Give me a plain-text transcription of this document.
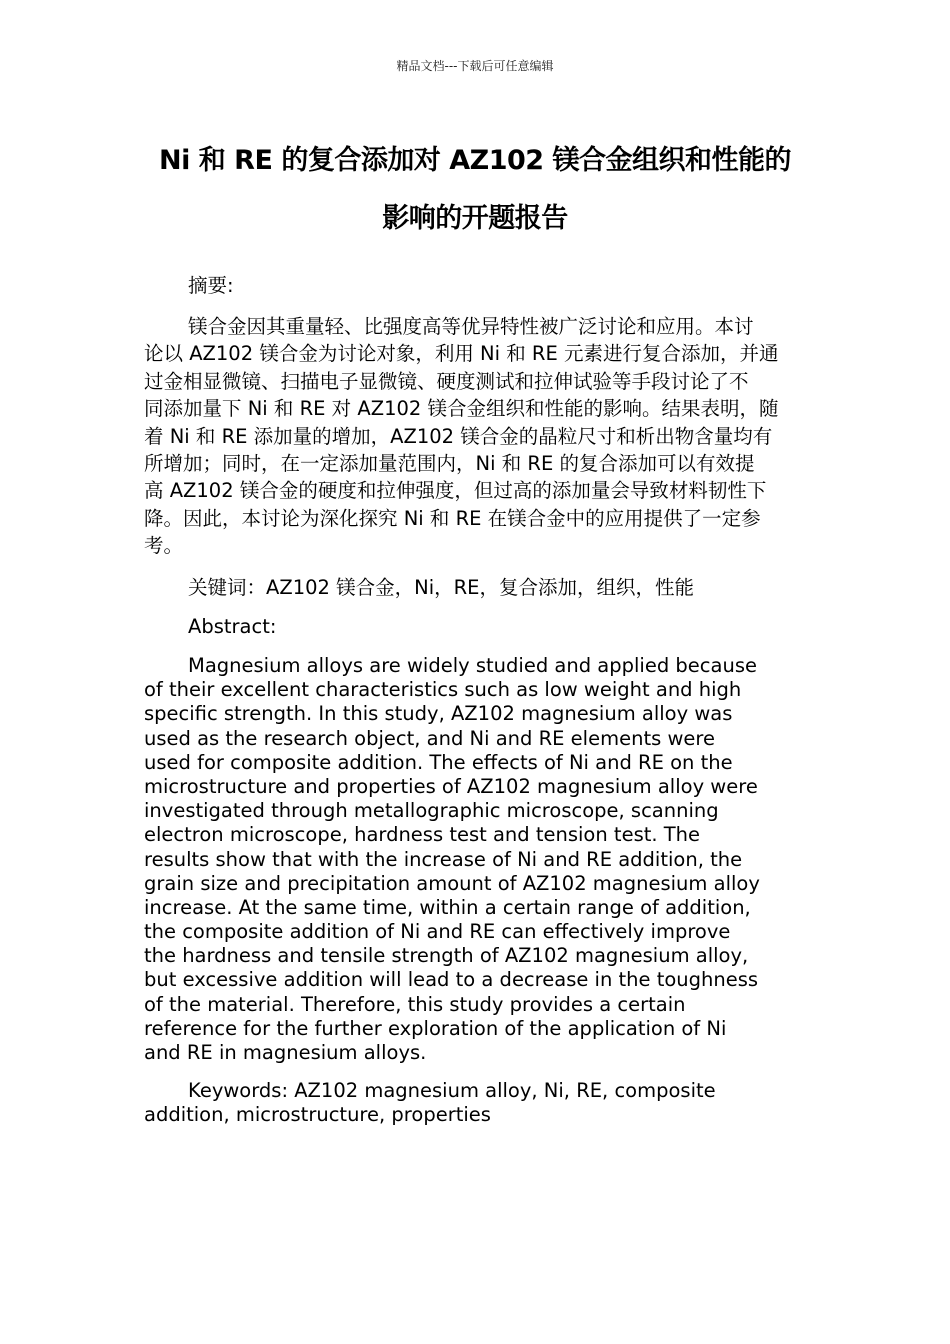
精品文档---下载后可任意编辑
Ni 和 RE 的复合添加对 AZ102 镁合金组织和性能的
影响的开题报告
摘要:
镁合金因其重量轻、比强度高等优异特性被广泛讨论和应用。本讨
论以 AZ102 镁合金为讨论对象，利用 Ni 和 RE 元素进行复合添加，并通
过金相显微镜、扫描电子显微镜、硬度测试和拉伸试验等手段讨论了不
同添加量下 Ni 和 RE 对 AZ102 镁合金组织和性能的影响。结果表明，随
着 Ni 和 RE 添加量的增加，AZ102 镁合金的晶粒尺寸和析出物含量均有
所增加；同时，在一定添加量范围内，Ni 和 RE 的复合添加可以有效提
高 AZ102 镁合金的硬度和拉伸强度，但过高的添加量会导致材料韧性下
降。因此，本讨论为深化探究 Ni 和 RE 在镁合金中的应用提供了一定参
考。
关键词：AZ102 镁合金，Ni，RE，复合添加，组织，性能
Abstract:
Magnesium alloys are widely studied and applied because
of their excellent characteristics such as low weight and high
specific strength. In this study, AZ102 magnesium alloy was
used as the research object, and Ni and RE elements were
used for composite addition. The effects of Ni and RE on the
microstructure and properties of AZ102 magnesium alloy were
investigated through metallographic microscope, scanning
electron microscope, hardness test and tension test. The
results show that with the increase of Ni and RE addition, the
grain size and precipitation amount of AZ102 magnesium alloy
increase. At the same time, within a certain range of addition,
the composite addition of Ni and RE can effectively improve
the hardness and tensile strength of AZ102 magnesium alloy,
but excessive addition will lead to a decrease in the toughness
of the material. Therefore, this study provides a certain
reference for the further exploration of the application of Ni
and RE in magnesium alloys.
Keywords: AZ102 magnesium alloy, Ni, RE, composite
addition, microstructure, properties
